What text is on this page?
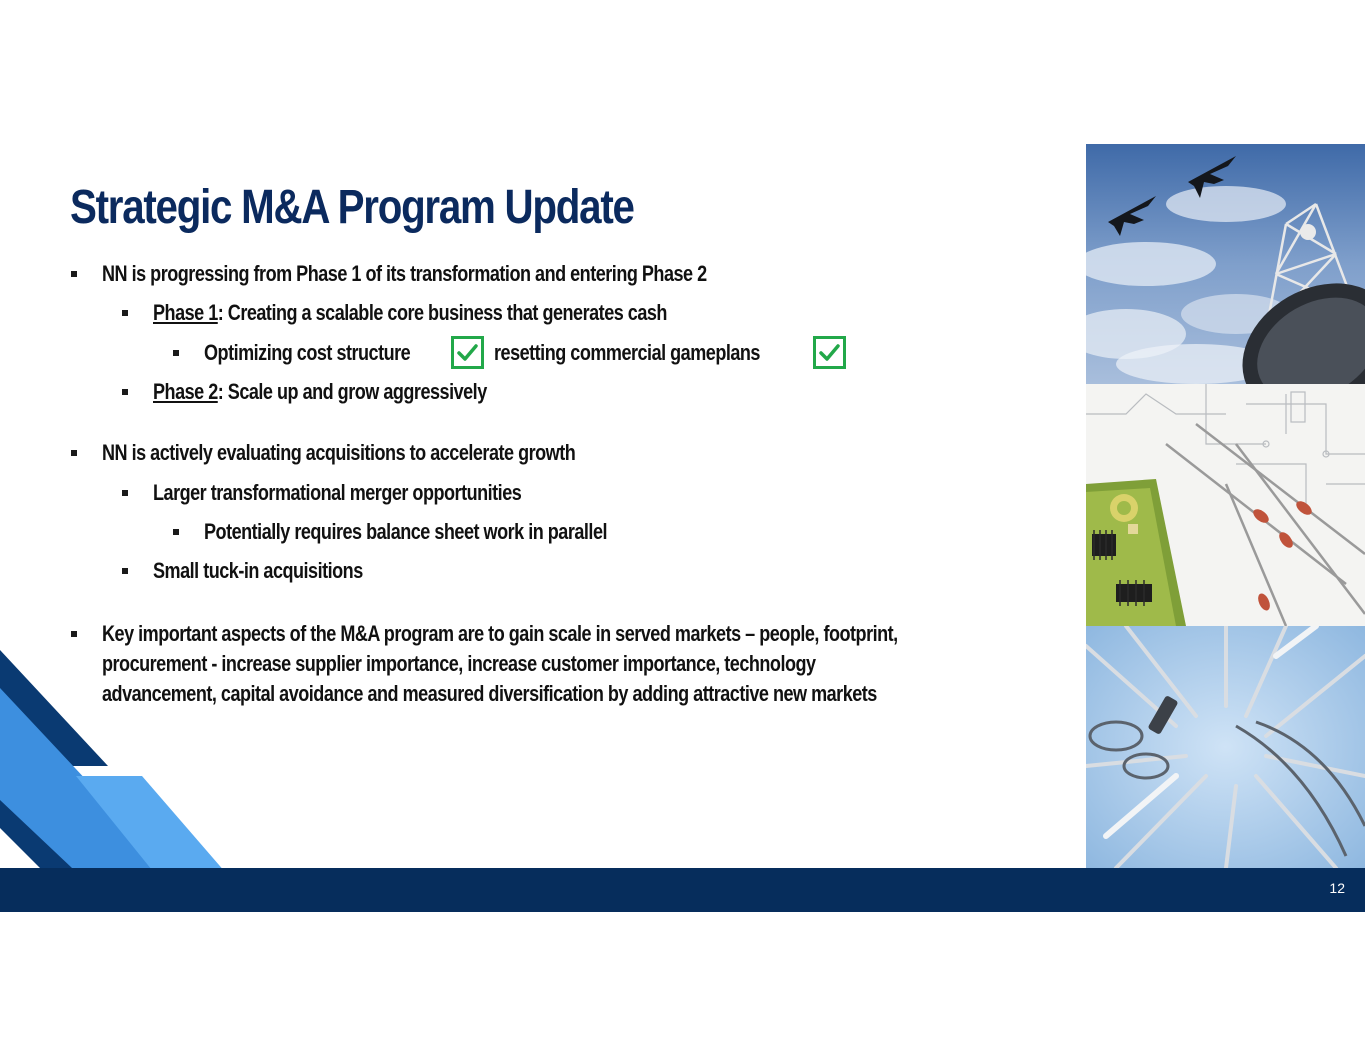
Strategic M&A Program Update
NN is progressing from Phase 1 of its transformation and entering Phase 2
Phase 1: Creating a scalable core business that generates cash
Optimizing cost structure	resetting commercial gameplans
Phase 2: Scale up and grow aggressively
NN is actively evaluating acquisitions to accelerate growth
Larger transformational merger opportunities
Potentially requires balance sheet work in parallel
Small tuck-in acquisitions
Key important aspects of the M&A program are to gain scale in served markets – people, footprint,
procurement - increase supplier importance, increase customer importance, technology
advancement, capital avoidance and measured diversification by adding attractive new markets
12
